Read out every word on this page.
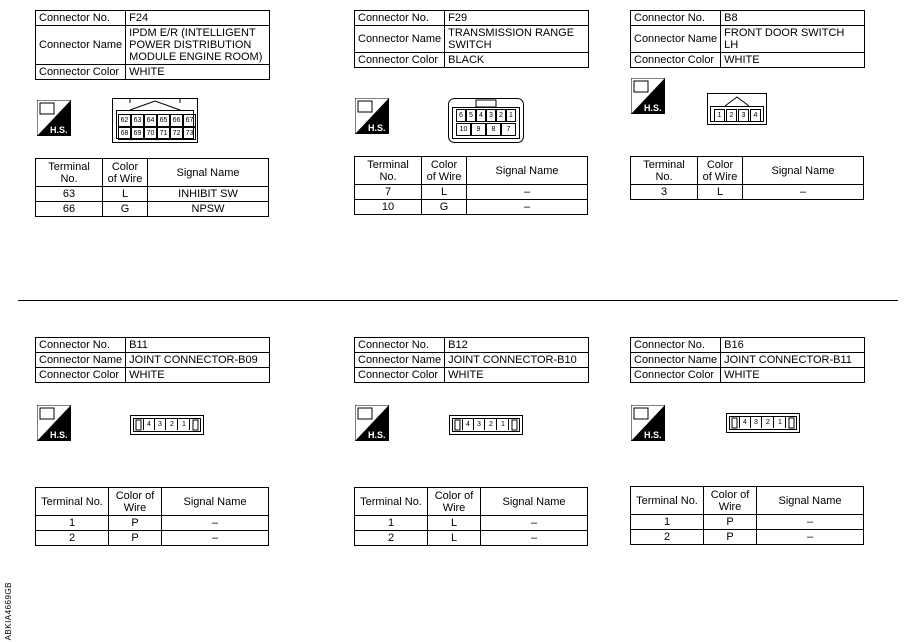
Connector No.	F24
Connector Name	IPDM E/R (INTELLIGENT POWER DISTRIBUTION MODULE ENGINE ROOM)
Connector Color	WHITE
H.S.
62 63 64 65 66 67
68 69 70 71 72 73
Terminal No.	Color of Wire	Signal Name
63	L	INHIBIT SW
66	G	NPSW
Connector No.	F29
Connector Name	TRANSMISSION RANGE SWITCH
Connector Color	BLACK
H.S.
6 5 4 3 2 1
10	9	8	7
Terminal No.	Color of Wire	Signal Name
7	L	–
10	G	–
Connector No.	B8
Connector Name	FRONT DOOR SWITCH LH
Connector Color	WHITE
H.S.
1	2	3	4
Terminal No.	Color of Wire	Signal Name
3	L	–
Connector No.	B11
Connector Name	JOINT CONNECTOR-B09
Connector Color	WHITE
H.S.
4	3	2	1
Terminal No.	Color of Wire	Signal Name
1	P	–
2	P	–
Connector No.	B12
Connector Name	JOINT CONNECTOR-B10
Connector Color	WHITE
H.S.
4	3	2	1
Terminal No.	Color of Wire	Signal Name
1	L	–
2	L	–
Connector No.	B16
Connector Name	JOINT CONNECTOR-B11
Connector Color	WHITE
H.S.
4	3	2	1
Terminal No.	Color of Wire	Signal Name
1	P	–
2	P	–
ABKIA4669GB
